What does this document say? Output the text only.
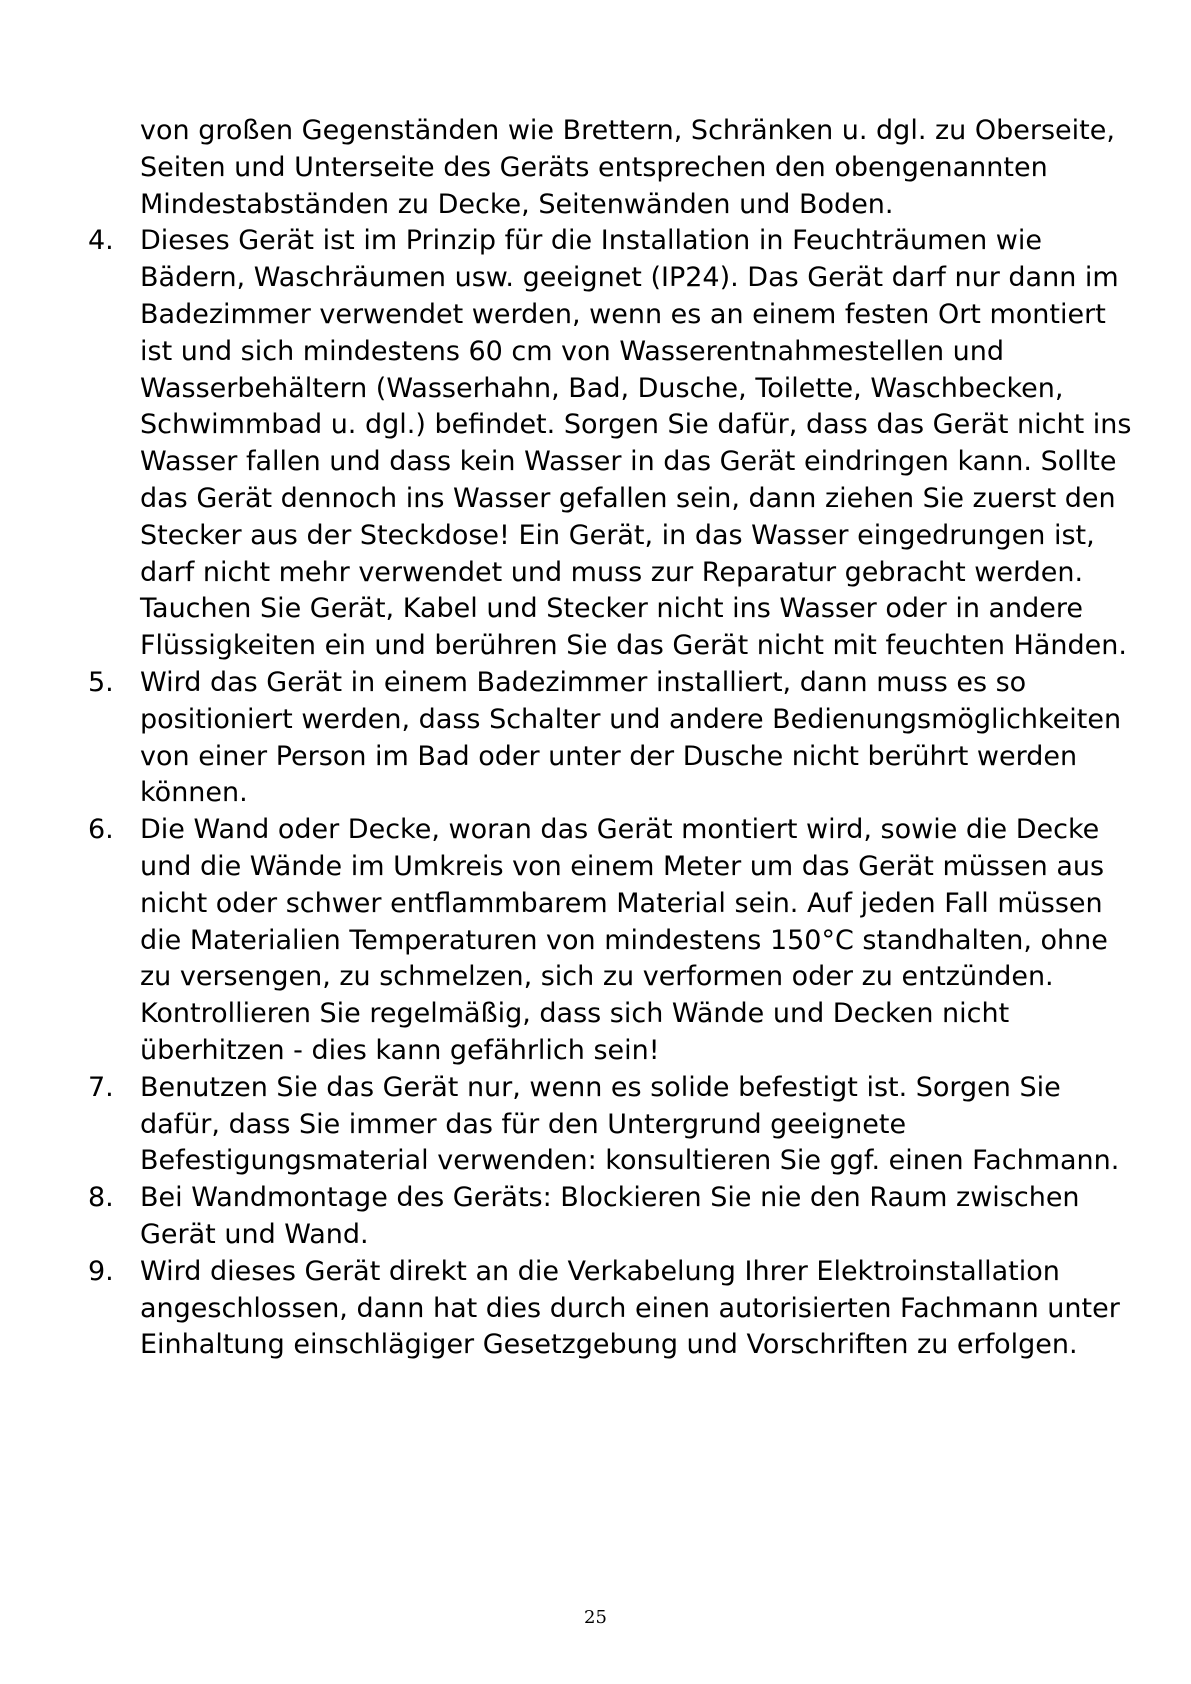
von großen Gegenständen wie Brettern, Schränken u. dgl. zu Oberseite, Seiten und Unterseite des Geräts entsprechen den obengenannten Mindestabständen zu Decke, Seitenwänden und Boden.

4. Dieses Gerät ist im Prinzip für die Installation in Feuchträumen wie Bädern, Waschräumen usw. geeignet (IP24). Das Gerät darf nur dann im Badezimmer verwendet werden, wenn es an einem festen Ort montiert ist und sich mindestens 60 cm von Wasserentnahmestellen und Wasserbehältern (Wasserhahn, Bad, Dusche, Toilette, Waschbecken, Schwimmbad u. dgl.) befindet. Sorgen Sie dafür, dass das Gerät nicht ins Wasser fallen und dass kein Wasser in das Gerät eindringen kann. Sollte das Gerät dennoch ins Wasser gefallen sein, dann ziehen Sie zuerst den Stecker aus der Steckdose! Ein Gerät, in das Wasser eingedrungen ist, darf nicht mehr verwendet und muss zur Reparatur gebracht werden. Tauchen Sie Gerät, Kabel und Stecker nicht ins Wasser oder in andere Flüssigkeiten ein und berühren Sie das Gerät nicht mit feuchten Händen.
5. Wird das Gerät in einem Badezimmer installiert, dann muss es so positioniert werden, dass Schalter und andere Bedienungsmöglichkeiten von einer Person im Bad oder unter der Dusche nicht berührt werden können.
6. Die Wand oder Decke, woran das Gerät montiert wird, sowie die Decke und die Wände im Umkreis von einem Meter um das Gerät müssen aus nicht oder schwer entflammbarem Material sein. Auf jeden Fall müssen die Materialien Temperaturen von mindestens 150°C standhalten, ohne zu versengen, zu schmelzen, sich zu verformen oder zu entzünden. Kontrollieren Sie regelmäßig, dass sich Wände und Decken nicht überhitzen - dies kann gefährlich sein!
7. Benutzen Sie das Gerät nur, wenn es solide befestigt ist. Sorgen Sie dafür, dass Sie immer das für den Untergrund geeignete Befestigungsmaterial verwenden: konsultieren Sie ggf. einen Fachmann.
8. Bei Wandmontage des Geräts: Blockieren Sie nie den Raum zwischen Gerät und Wand.
9. Wird dieses Gerät direkt an die Verkabelung Ihrer Elektroinstallation angeschlossen, dann hat dies durch einen autorisierten Fachmann unter Einhaltung einschlägiger Gesetzgebung und Vorschriften zu erfolgen.
25
